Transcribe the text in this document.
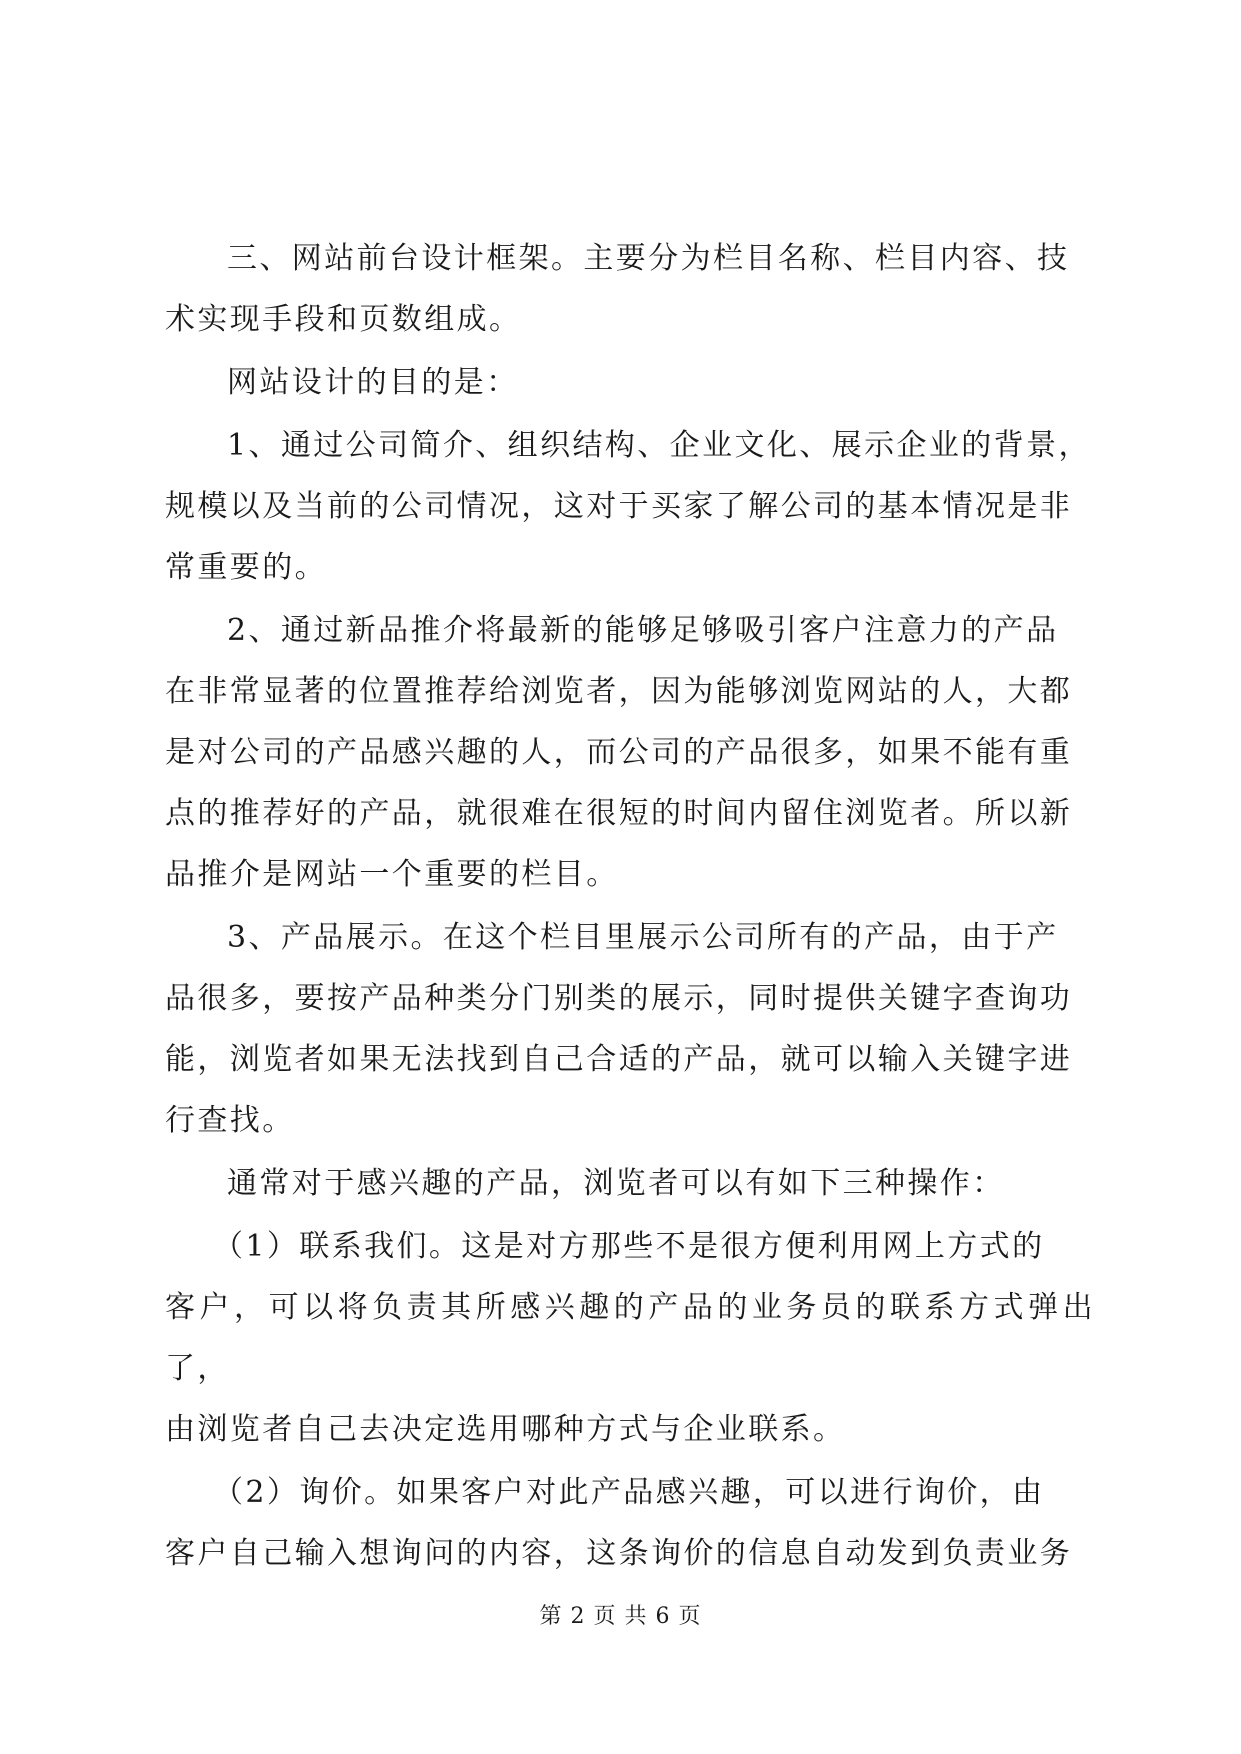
三、网站前台设计框架。主要分为栏目名称、栏目内容、技
术实现手段和页数组成。

网站设计的目的是：

1、通过公司简介、组织结构、企业文化、展示企业的背景，
规模以及当前的公司情况，这对于买家了解公司的基本情况是非
常重要的。

2、通过新品推介将最新的能够足够吸引客户注意力的产品
在非常显著的位置推荐给浏览者，因为能够浏览网站的人，大都
是对公司的产品感兴趣的人，而公司的产品很多，如果不能有重
点的推荐好的产品，就很难在很短的时间内留住浏览者。所以新
品推介是网站一个重要的栏目。

3、产品展示。在这个栏目里展示公司所有的产品，由于产
品很多，要按产品种类分门别类的展示，同时提供关键字查询功
能，浏览者如果无法找到自己合适的产品，就可以输入关键字进
行查找。

通常对于感兴趣的产品，浏览者可以有如下三种操作：

（1）联系我们。这是对方那些不是很方便利用网上方式的
客户，可以将负责其所感兴趣的产品的业务员的联系方式弹出了，
由浏览者自己去决定选用哪种方式与企业联系。

（2）询价。如果客户对此产品感兴趣，可以进行询价，由
客户自己输入想询问的内容，这条询价的信息自动发到负责业务

第 2 页 共 6 页
